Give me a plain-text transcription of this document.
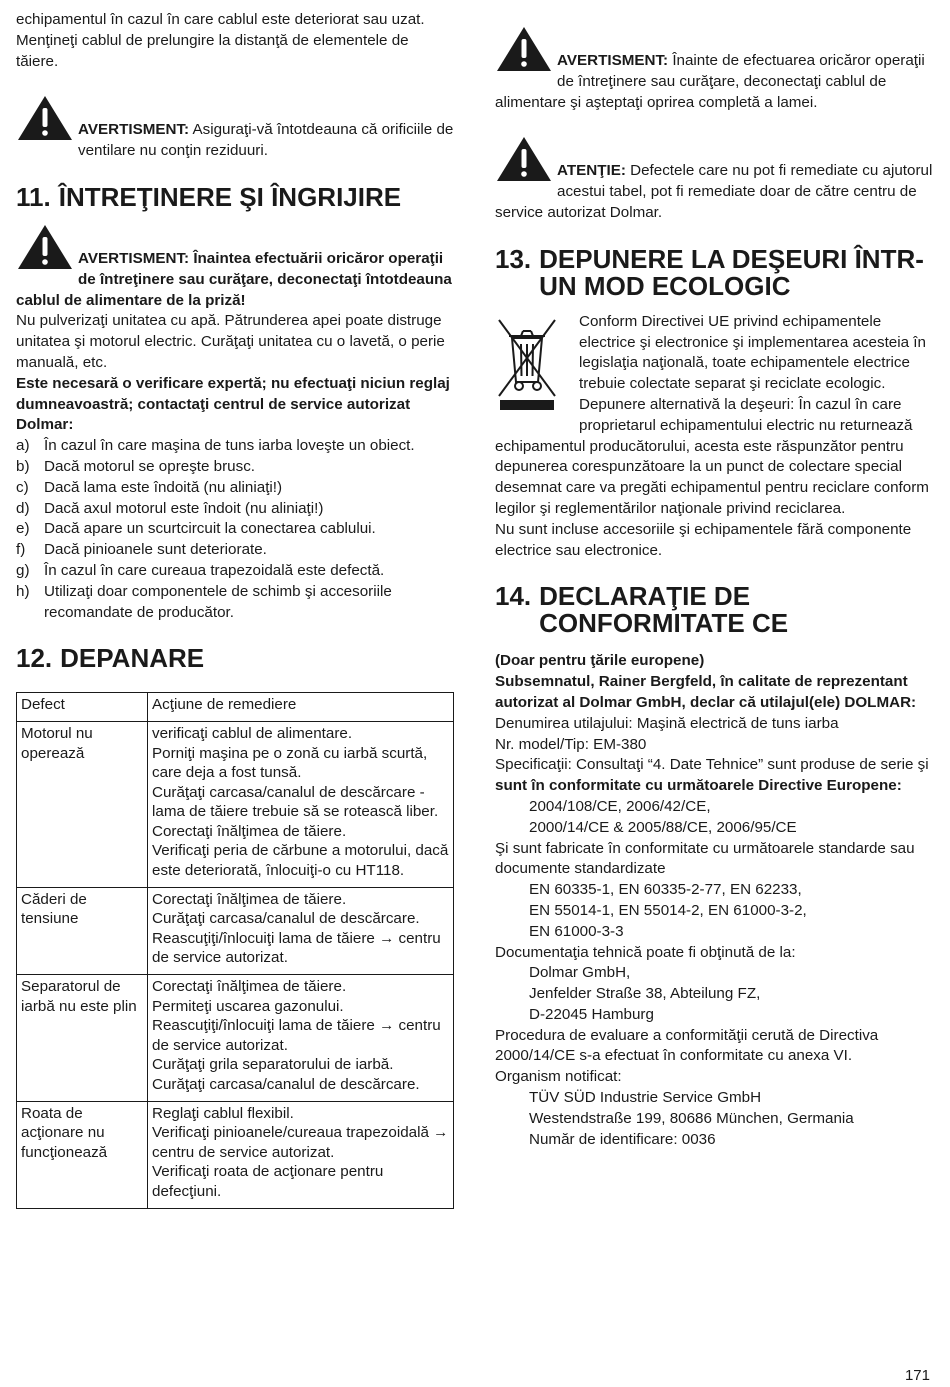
echipamentul în cazul în care cablul este deteriorat sau uzat. Menţineţi cablul de prelungire la distanţă de elementele de tăiere.

AVERTISMENT: Asiguraţi-vă întotdeauna că orificiile de ventilare nu conţin reziduuri.

11. ÎNTREŢINERE ŞI ÎNGRIJIRE

AVERTISMENT: Înaintea efectuării oricăror operaţii de întreţinere sau curăţare, deconectaţi întotdeauna cablul de alimentare de la priză!

Nu pulverizaţi unitatea cu apă. Pătrunderea apei poate distruge unitatea şi motorul electric. Curăţaţi unitatea cu o lavetă, o perie manuală, etc.

Este necesară o verificare expertă; nu efectuaţi niciun reglaj dumneavoastră; contactaţi centrul de service autorizat Dolmar:

a) În cazul în care maşina de tuns iarba loveşte un obiect.
b) Dacă motorul se opreşte brusc.
c)	Dacă lama este îndoită (nu aliniaţi!)
d) Dacă axul motorul este îndoit (nu aliniaţi!)
e) Dacă apare un scurtcircuit la conectarea cablului.
f)	Dacă pinioanele sunt deteriorate.
g) În cazul în care cureaua trapezoidală este defectă.
h) Utilizaţi doar componentele de schimb şi accesoriile recomandate de producător.
12. DEPANARE
Defect	Acţiune de remediere
Motorul nu operează	verificaţi cablul de alimentare.
Porniţi maşina pe o zonă cu iarbă scurtă, care deja a fost tunsă.
Curăţaţi carcasa/canalul de descărcare - lama de tăiere trebuie să se rotească liber.
Corectaţi înălţimea de tăiere.
Verificaţi peria de cărbune a motorului, dacă este deteriorată, înlocuiţi-o cu HT118.

Căderi de tensiune	Corectaţi înălţimea de tăiere.
Curăţaţi carcasa/canalul de descărcare.
Reascuţiţi/înlocuiţi lama de tăiere → centru de service autorizat.

Separatorul de iarbă nu este plin	Corectaţi înălţimea de tăiere.
Permiteţi uscarea gazonului.
Reascuţiţi/înlocuiţi lama de tăiere → centru de service autorizat.
Curăţaţi grila separatorului de iarbă.
Curăţaţi carcasa/canalul de descărcare.

Roata de acţionare nu funcţionează	Reglaţi cablul flexibil.
Verificaţi pinioanele/cureaua trapezoidală → centru de service autorizat.
Verificaţi roata de acţionare pentru defecţiuni.

AVERTISMENT: Înainte de efectuarea oricăror operaţii de întreţinere sau curăţare, deconectaţi cablul de alimentare şi aşteptaţi oprirea completă a lamei.

ATENŢIE: Defectele care nu pot fi remediate cu ajutorul acestui tabel, pot fi remediate doar de către centru de service autorizat Dolmar.

13. DEPUNERE LA DEŞEURI ÎNTR-UN MOD ECOLOGIC

Conform Directivei UE privind echipamentele electrice şi electronice şi implementarea acesteia în legislaţia naţională, toate echipamentele electrice trebuie colectate separat şi reciclate ecologic. Depunere alternativă la deşeuri: În cazul în care proprietarul echipamentului electric nu returnează echipamentul producătorului, acesta este răspunzător pentru depunerea corespunzătoare la un punct de colectare special desemnat care va pregăti echipamentul pentru reciclare conform legilor şi reglementărilor naţionale privind reciclarea.

Nu sunt incluse accesoriile şi echipamentele fără componente electrice sau electronice.

14. DECLARAŢIE DE CONFORMITATE CE

(Doar pentru ţările europene)

Subsemnatul, Rainer Bergfeld, în calitate de reprezentant autorizat al Dolmar GmbH, declar că utilajul(ele) DOLMAR:

Denumirea utilajului: Maşină electrică de tuns iarba

Nr. model/Tip: EM-380

Specificaţii: Consultaţi “4. Date Tehnice” sunt produse de serie şi

sunt în conformitate cu următoarele Directive Europene:

2004/108/CE, 2006/42/CE,

2000/14/CE & 2005/88/CE, 2006/95/CE

Şi sunt fabricate în conformitate cu următoarele standarde sau documente standardizate

EN 60335-1, EN 60335-2-77, EN 62233,

EN 55014-1, EN 55014-2, EN 61000-3-2,

EN 61000-3-3

Documentaţia tehnică poate fi obţinută de la:

Dolmar GmbH,

Jenfelder Straße 38, Abteilung FZ,

D-22045 Hamburg

Procedura de evaluare a conformităţii cerută de Directiva 2000/14/CE s-a efectuat în conformitate cu anexa VI.

Organism notificat:

TÜV SÜD Industrie Service GmbH

Westendstraße 199, 80686 München, Germania

Număr de identificare: 0036

171
